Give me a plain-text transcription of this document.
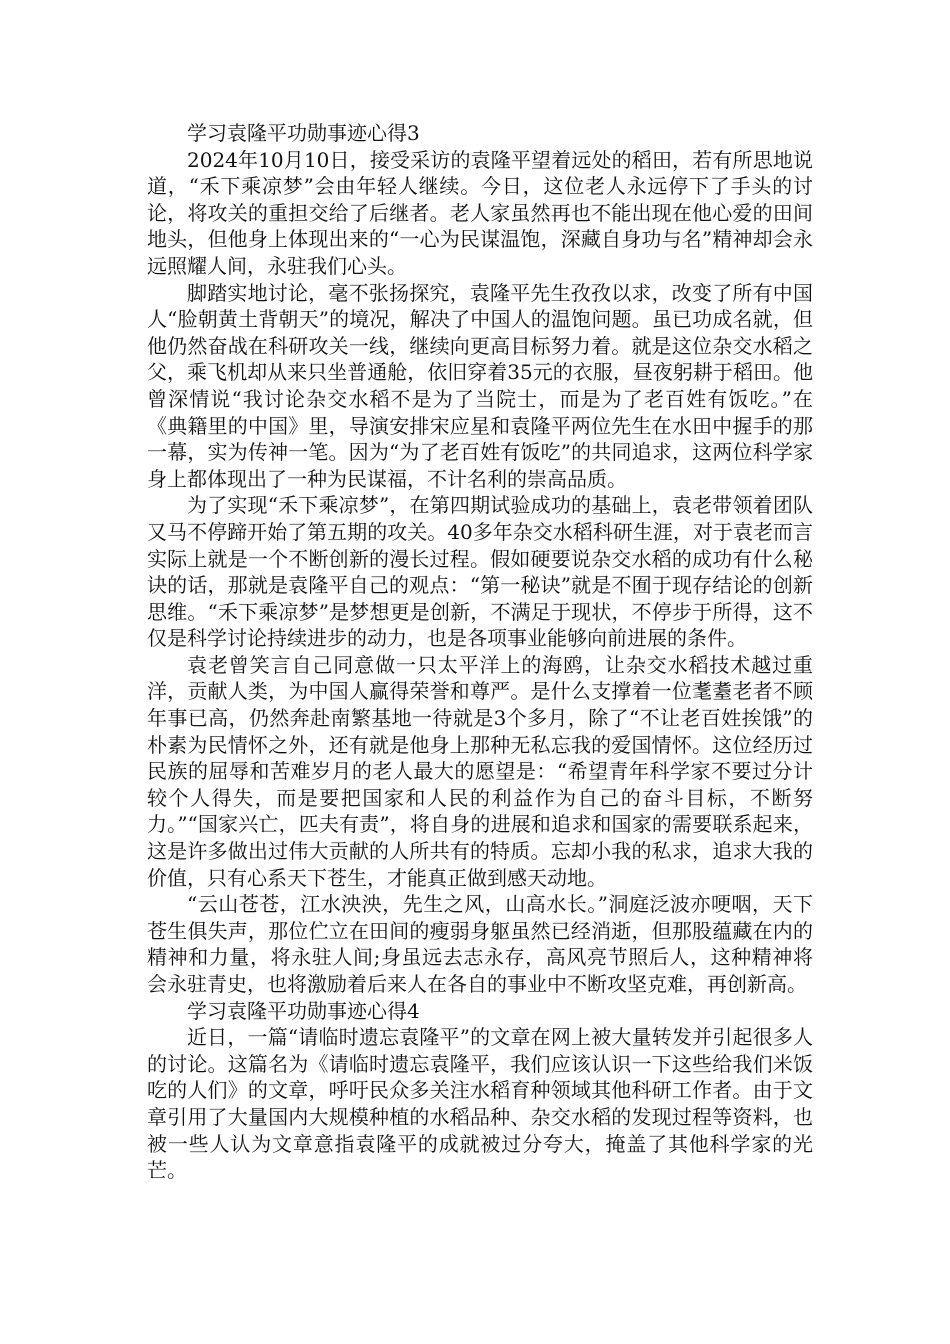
学习袁隆平功勋事迹心得3

2024年10月10日，接受采访的袁隆平望着远处的稻田，若有所思地说道，“禾下乘凉梦”会由年轻人继续。今日，这位老人永远停下了手头的讨论，将攻关的重担交给了后继者。老人家虽然再也不能出现在他心爱的田间地头，但他身上体现出来的“一心为民谋温饱，深藏自身功与名”精神却会永远照耀人间，永驻我们心头。

脚踏实地讨论，毫不张扬探究，袁隆平先生孜孜以求，改变了所有中国人“脸朝黄土背朝天”的境况，解决了中国人的温饱问题。虽已功成名就，但他仍然奋战在科研攻关一线，继续向更高目标努力着。就是这位杂交水稻之父，乘飞机却从来只坐普通舱，依旧穿着35元的衣服，昼夜躬耕于稻田。他曾深情说“我讨论杂交水稻不是为了当院士，而是为了老百姓有饭吃。”在《典籍里的中国》里，导演安排宋应星和袁隆平两位先生在水田中握手的那一幕，实为传神一笔。因为“为了老百姓有饭吃”的共同追求，这两位科学家身上都体现出了一种为民谋福，不计名利的崇高品质。

为了实现“禾下乘凉梦”，在第四期试验成功的基础上，袁老带领着团队又马不停蹄开始了第五期的攻关。40多年杂交水稻科研生涯，对于袁老而言实际上就是一个不断创新的漫长过程。假如硬要说杂交水稻的成功有什么秘诀的话，那就是袁隆平自己的观点：“第一秘诀”就是不囿于现存结论的创新思维。“禾下乘凉梦”是梦想更是创新，不满足于现状，不停步于所得，这不仅是科学讨论持续进步的动力，也是各项事业能够向前进展的条件。

袁老曾笑言自己同意做一只太平洋上的海鸥，让杂交水稻技术越过重洋，贡献人类，为中国人赢得荣誉和尊严。是什么支撑着一位耄耋老者不顾年事已高，仍然奔赴南繁基地一待就是3个多月，除了“不让老百姓挨饿”的朴素为民情怀之外，还有就是他身上那种无私忘我的爱国情怀。这位经历过民族的屈辱和苦难岁月的老人最大的愿望是：“希望青年科学家不要过分计较个人得失，而是要把国家和人民的利益作为自己的奋斗目标，不断努力。”“国家兴亡，匹夫有责”，将自身的进展和追求和国家的需要联系起来，这是许多做出过伟大贡献的人所共有的特质。忘却小我的私求，追求大我的价值，只有心系天下苍生，才能真正做到感天动地。

“云山苍苍，江水泱泱，先生之风，山高水长。”洞庭泛波亦哽咽，天下苍生俱失声，那位伫立在田间的瘦弱身躯虽然已经消逝，但那股蕴藏在内的精神和力量，将永驻人间;身虽远去志永存，高风亮节照后人，这种精神将会永驻青史，也将激励着后来人在各自的事业中不断攻坚克难，再创新高。

学习袁隆平功勋事迹心得4

近日，一篇“请临时遗忘袁隆平”的文章在网上被大量转发并引起很多人的讨论。这篇名为《请临时遗忘袁隆平，我们应该认识一下这些给我们米饭吃的人们》的文章，呼吁民众多关注水稻育种领域其他科研工作者。由于文章引用了大量国内大规模种植的水稻品种、杂交水稻的发现过程等资料，也被一些人认为文章意指袁隆平的成就被过分夸大，掩盖了其他科学家的光芒。
